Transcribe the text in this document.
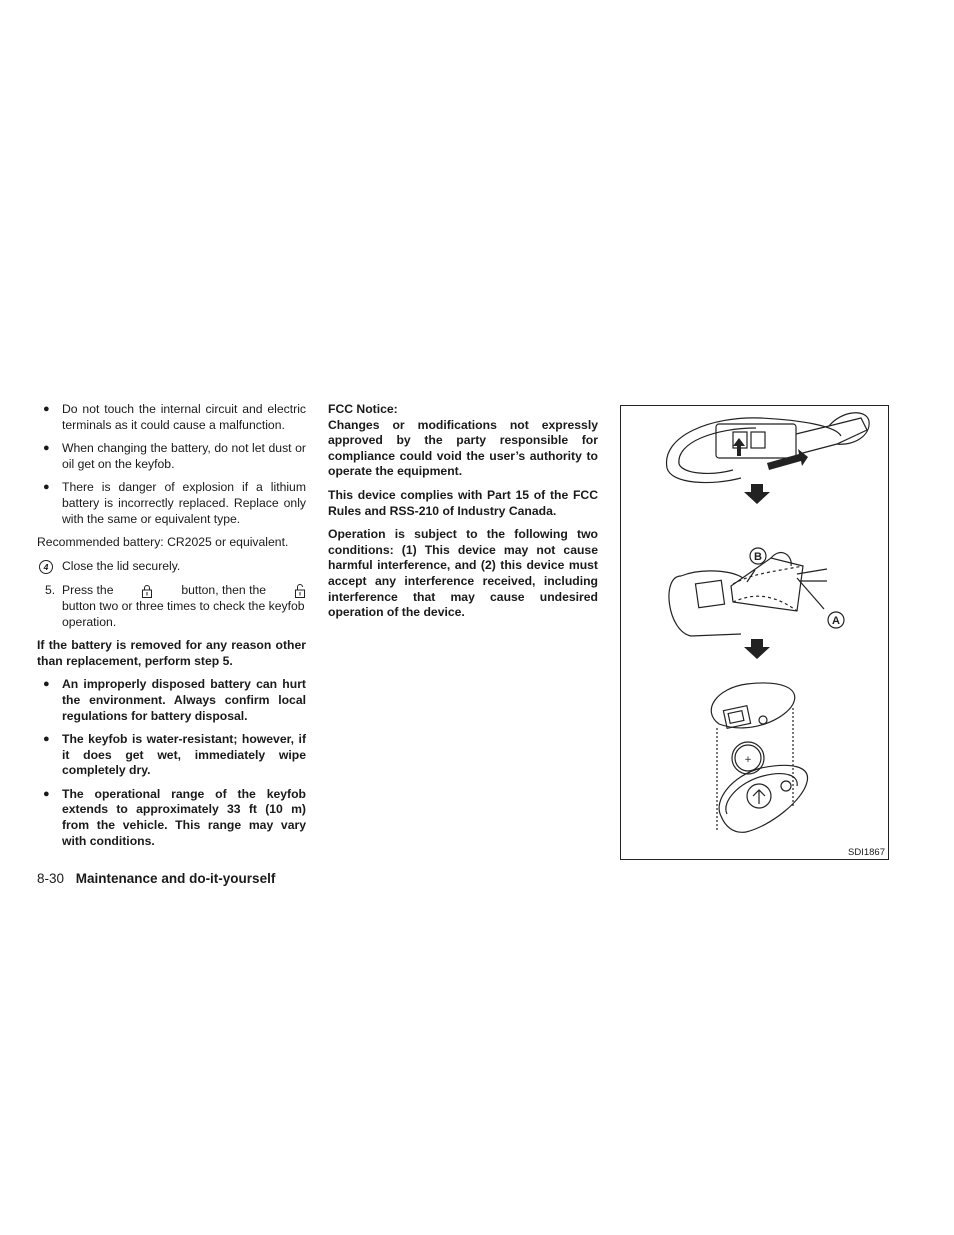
● Do not touch the internal circuit and electric terminals as it could cause a malfunction.
● When changing the battery, do not let dust or oil get on the keyfob.
● There is danger of explosion if a lithium battery is incorrectly replaced. Replace only with the same or equivalent type.
Recommended battery: CR2025 or equivalent.
4	Close the lid securely.
5. Press the	button, then the
button two or three times to check the keyfob operation.
If the battery is removed for any reason other than replacement, perform step 5.
● An improperly disposed battery can hurt the environment. Always confirm local regulations for battery disposal.
● The keyfob is water-resistant; however, if it does get wet, immediately wipe completely dry.
● The operational range of the keyfob extends to approximately 33 ft (10 m) from the vehicle. This range may vary with conditions.
FCC Notice:
Changes or modifications not expressly approved by the party responsible for compliance could void the user’s authority to operate the equipment.
This device complies with Part 15 of the FCC Rules and RSS-210 of Industry Canada.
Operation is subject to the following two conditions: (1) This device may not cause harmful interference, and (2) this device must accept any interference received, including interference that may cause undesired operation of the device.
B
A
+
SDI1867
8-30 Maintenance and do-it-yourself
